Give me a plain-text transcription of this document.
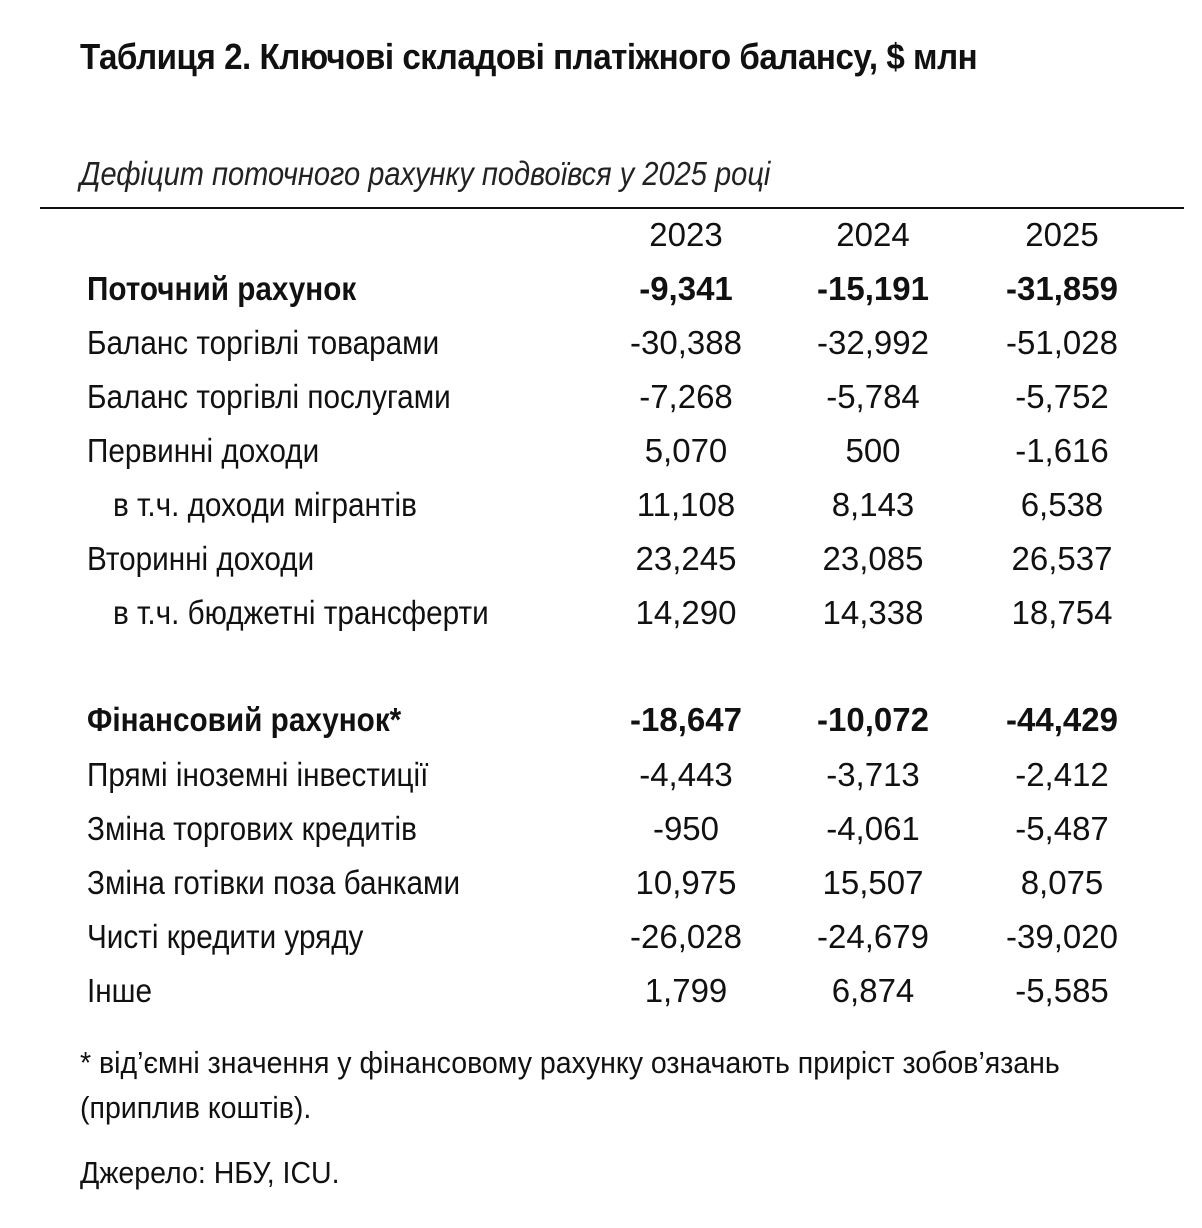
Таблиця 2. Ключові складові платіжного балансу, $ млн
Дефіцит поточного рахунку подвоївся у 2025 році
2023	2024	2025
Поточний рахунок	-9,341	-15,191	-31,859
Баланс торгівлі товарами	-30,388	-32,992	-51,028
Баланс торгівлі послугами	-7,268	-5,784	-5,752
Первинні доходи	5,070	500	-1,616
в т.ч. доходи мігрантів	11,108	8,143	6,538
Вторинні доходи	23,245	23,085	26,537
в т.ч. бюджетні трансферти	14,290	14,338	18,754
Фінансовий рахунок*	-18,647	-10,072	-44,429
Прямі іноземні інвестиції	-4,443	-3,713	-2,412
Зміна торгових кредитів	-950	-4,061	-5,487
Зміна готівки поза банками	10,975	15,507	8,075
Чисті кредити уряду	-26,028	-24,679	-39,020
Інше	1,799	6,874	-5,585
* від’ємні значення у фінансовому рахунку означають приріст зобов’язань (приплив коштів).
Джерело: НБУ, ICU.
